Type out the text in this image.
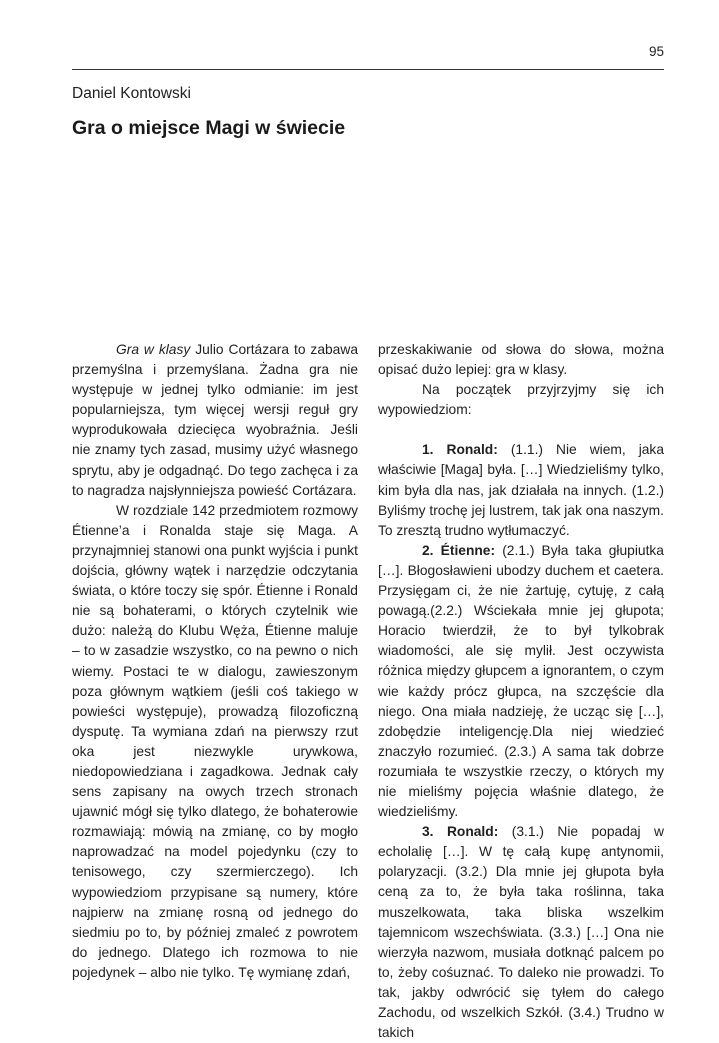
95
Daniel Kontowski
Gra o miejsce Magi w świecie

Gra w klasy Julio Cortázara to zabawa przemyślna i przemyślana. Żadna gra nie występuje w jednej tylko odmianie: im jest popularniejsza, tym więcej wersji reguł gry wyprodukowała dziecięca wyobraźnia. Jeśli nie znamy tych zasad, musimy użyć własnego sprytu, aby je odgadnąć. Do tego zachęca i za to nagradza najsłynniejsza powieść Cortázara.

W rozdziale 142 przedmiotem rozmowy Étienne’a i Ronalda staje się Maga. A przynajmniej stanowi ona punkt wyjścia i punkt dojścia, główny wątek i narzędzie odczytania świata, o które toczy się spór. Étienne i Ronald nie są bohaterami, o których czytelnik wie dużo: należą do Klubu Węża, Étienne maluje – to w zasadzie wszystko, co na pewno o nich wiemy. Postaci te w dialogu, zawieszonym poza głównym wątkiem (jeśli coś takiego w powieści występuje), prowadzą filozoficzną dysputę. Ta wymiana zdań na pierwszy rzut oka jest niezwykle urywkowa, niedopowiedziana i zagadkowa. Jednak cały sens zapisany na owych trzech stronach ujawnić mógł się tylko dlatego, że bohaterowie rozmawiają: mówią na zmianę, co by mogło naprowadzać na model pojedynku (czy to tenisowego, czy szermierczego). Ich wypowiedziom przypisane są numery, które najpierw na zmianę rosną od jednego do siedmiu po to, by później zmaleć z powrotem do jednego. Dlatego ich rozmowa to nie pojedynek – albo nie tylko. Tę wymianę zdań,

przeskakiwanie od słowa do słowa, można opisać dużo lepiej: gra w klasy.

Na początek przyjrzyjmy się ich wypowiedziom:

1. Ronald: (1.1.) Nie wiem, jaka właściwie [Maga] była. […] Wiedzieliśmy tylko, kim była dla nas, jak działała na innych. (1.2.) Byliśmy trochę jej lustrem, tak jak ona naszym. To zresztą trudno wytłumaczyć.

2. Étienne: (2.1.) Była taka głupiutka […]. Błogosławieni ubodzy duchem et caetera. Przysięgam ci, że nie żartuję, cytuję, z całą powagą.(2.2.) Wściekała mnie jej głupota; Horacio twierdził, że to był tylkobrak wiadomości, ale się mylił. Jest oczywista różnica między głupcem a ignorantem, o czym wie każdy prócz głupca, na szczęście dla niego. Ona miała nadzieję, że ucząc się […], zdobędzie inteligencję.Dla niej wiedzieć znaczyło rozumieć. (2.3.) A sama tak dobrze rozumiała te wszystkie rzeczy, o których my nie mieliśmy pojęcia właśnie dlatego, że wiedzieliśmy.

3. Ronald: (3.1.) Nie popadaj w echolalię […]. W tę całą kupę antynomii, polaryzacji. (3.2.) Dla mnie jej głupota była ceną za to, że była taka roślinna, taka muszelkowata, taka bliska wszelkim tajemnicom wszechświata. (3.3.) […] Ona nie wierzyła nazwom, musiała dotknąć palcem po to, żeby cośuznać. To daleko nie prowadzi. To tak, jakby odwrócić się tyłem do całego Zachodu, od wszelkich Szkół. (3.4.) Trudno w takich
